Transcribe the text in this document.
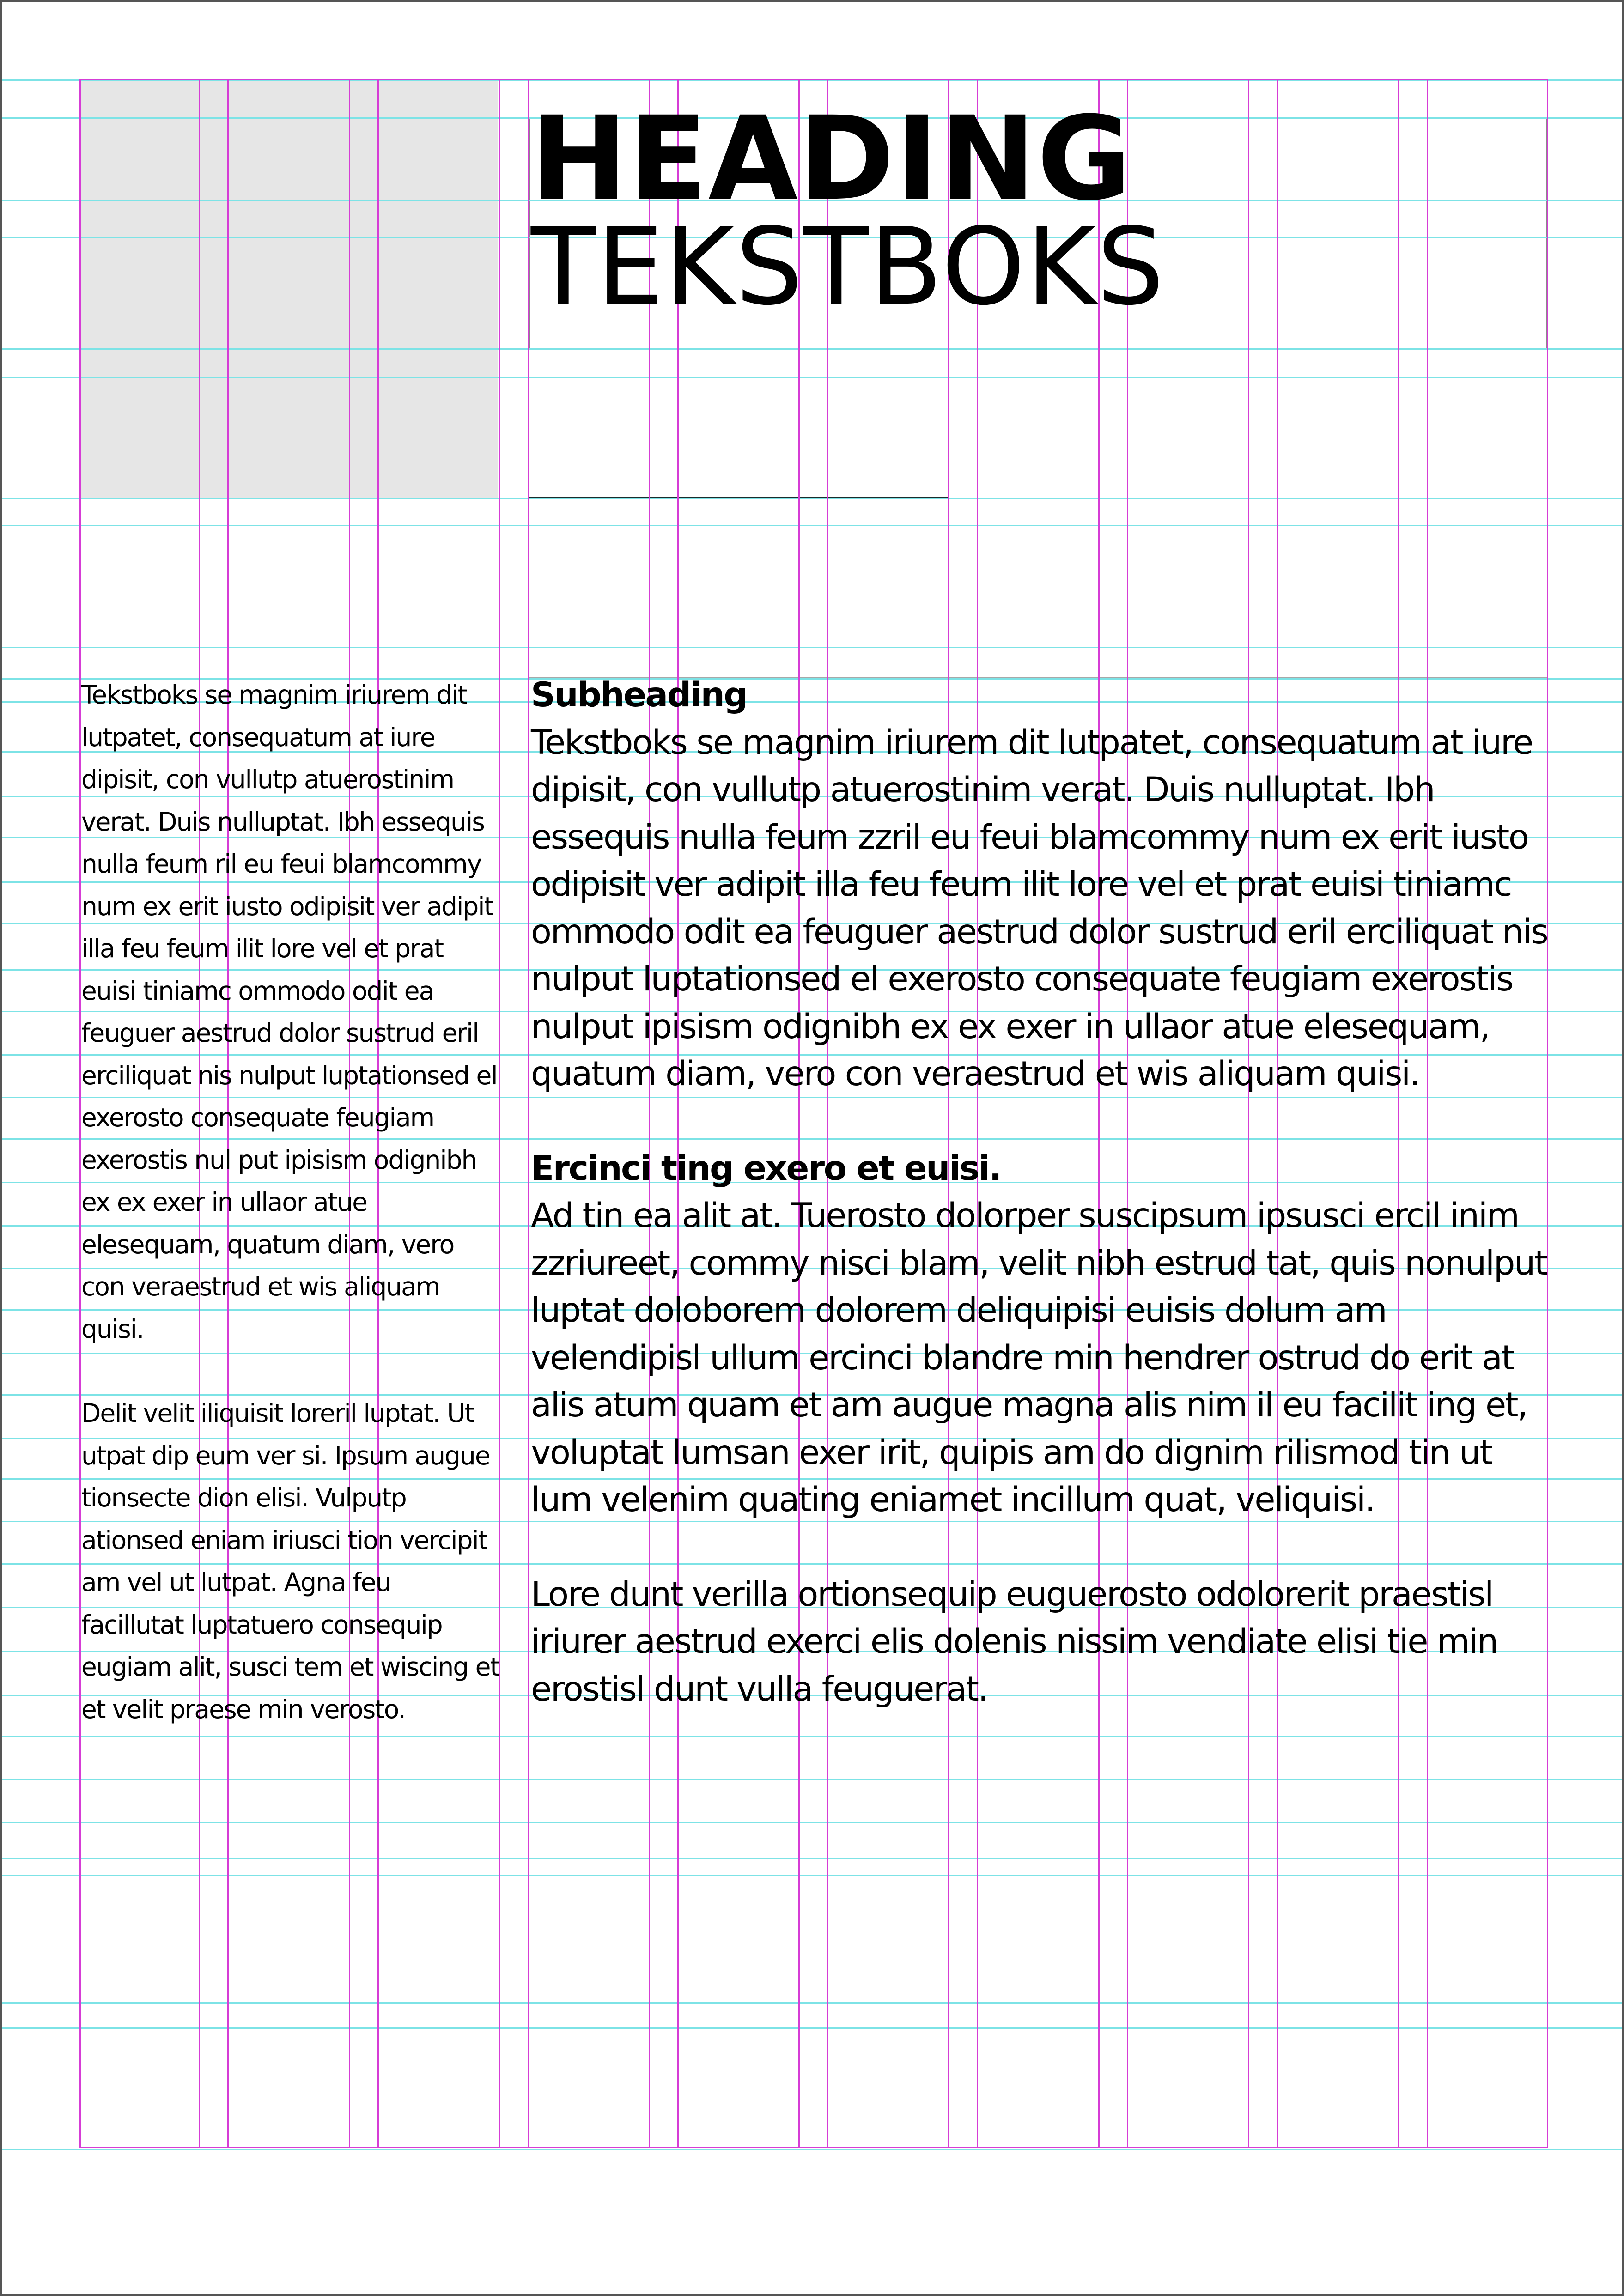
HEADING
TEKSTBOKS

Tekstboks se magnim iriurem dit lutpatet, consequatum at iure dipisit, con vullutp atuerostinim verat. Duis nulluptat. Ibh essequis nulla feum ril eu feui blamcommy num ex erit iusto odipisit ver adipit illa feu feum ilit lore vel et prat euisi tiniamc ommodo odit ea feuguer aestrud dolor sustrud eril erciliquat nis nulput luptationsed el exerosto consequate feugiam exerostis nul put ipisism odignibh ex ex exer in ullaor atue elesequam, quatum diam, vero con veraestrud et wis aliquam quisi.

Delit velit iliquisit loreril luptat. Ut utpat dip eum ver si. Ipsum augue tionsecte dion elisi. Vulputp ationsed eniam iriusci tion vercipit am vel ut lutpat. Agna feu facillutat luptatuero consequip eugiam alit, susci tem et wiscing et et velit praese min verosto.

Subheading
Tekstboks se magnim iriurem dit lutpatet, consequatum at iure dipisit, con vullutp atuerostinim verat. Duis nulluptat. Ibh essequis nulla feum zzril eu feui blamcommy num ex erit iusto odipisit ver adipit illa feu feum ilit lore vel et prat euisi tiniamc ommodo odit ea feuguer aestrud dolor sustrud eril erciliquat nis nulput luptationsed el exerosto consequate feugiam exerostis nulput ipisism odignibh ex ex exer in ullaor atue elesequam, quatum diam, vero con veraestrud et wis aliquam quisi.

Ercinci ting exero et euisi.
Ad tin ea alit at. Tuerosto dolorper suscipsum ipsusci ercil inim zzriureet, commy nisci blam, velit nibh estrud tat, quis nonulput luptat doloborem dolorem deliquipisi euisis dolum am velendipisl ullum ercinci blandre min hendrer ostrud do erit at alis atum quam et am augue magna alis nim il eu facilit ing et, voluptat lumsan exer irit, quipis am do dignim rilismod tin ut lum velenim quating eniamet incillum quat, veliquisi.

Lore dunt verilla ortionsequip euguerosto odolorerit praestisl iriurer aestrud exerci elis dolenis nissim vendiate elisi tie min erostisl dunt vulla feuguerat.
